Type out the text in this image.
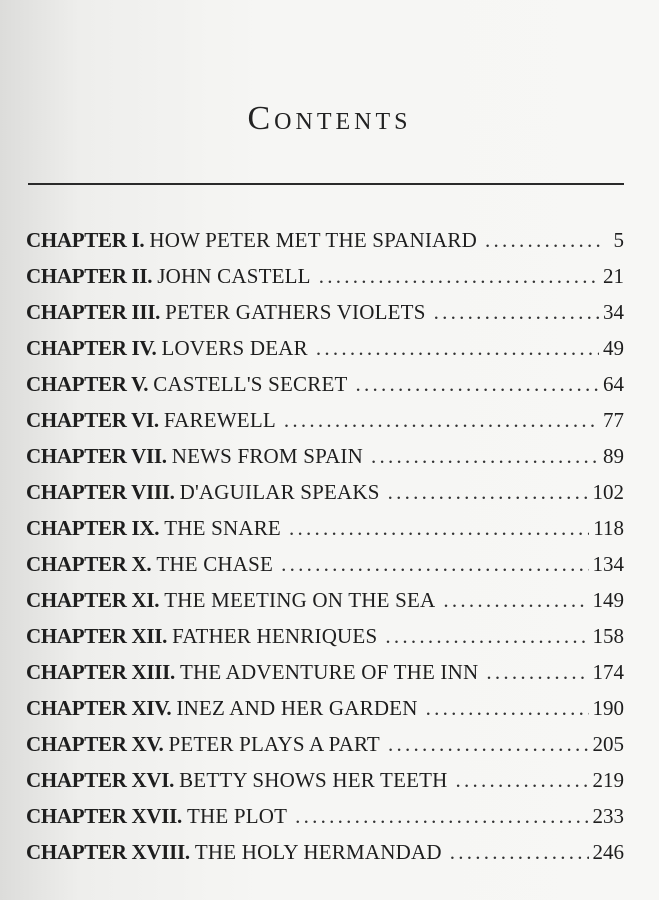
Contents
CHAPTER I. HOW PETER MET THE SPANIARD . . .	5
CHAPTER II. JOHN CASTELL . . .	21
CHAPTER III. PETER GATHERS VIOLETS . . .	34
CHAPTER IV. LOVERS DEAR . . .	49
CHAPTER V. CASTELL'S SECRET . . .	64
CHAPTER VI. FAREWELL . . .	77
CHAPTER VII. NEWS FROM SPAIN . . .	89
CHAPTER VIII. D'AGUILAR SPEAKS . . .	102
CHAPTER IX. THE SNARE . . .	118
CHAPTER X. THE CHASE . . .	134
CHAPTER XI. THE MEETING ON THE SEA . . .	149
CHAPTER XII. FATHER HENRIQUES . . .	158
CHAPTER XIII. THE ADVENTURE OF THE INN . . .	174
CHAPTER XIV. INEZ AND HER GARDEN . . .	190
CHAPTER XV. PETER PLAYS A PART . . .	205
CHAPTER XVI. BETTY SHOWS HER TEETH . . .	219
CHAPTER XVII. THE PLOT . . .	233
CHAPTER XVIII. THE HOLY HERMANDAD . . .	246
